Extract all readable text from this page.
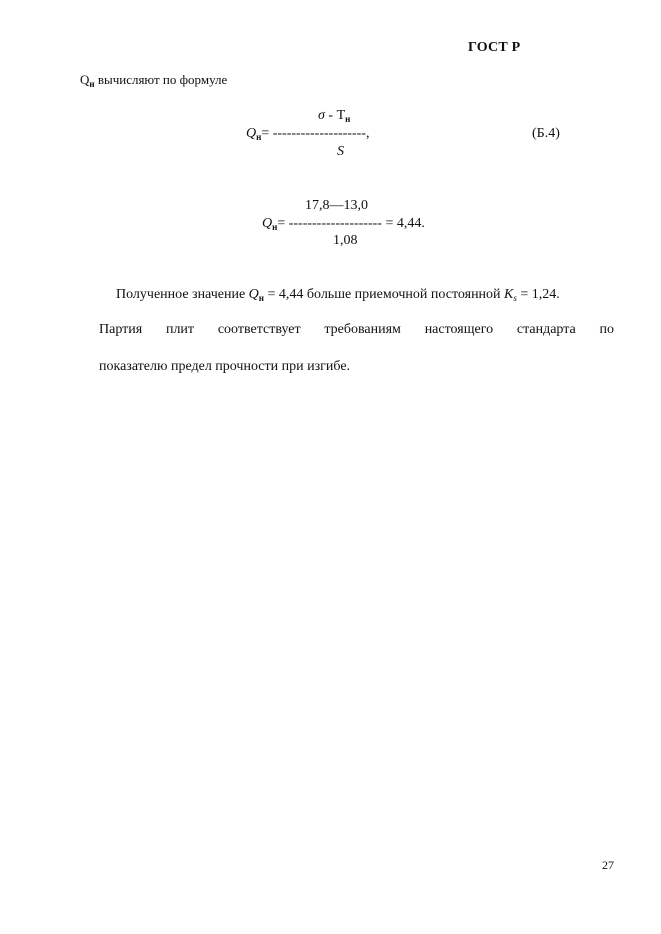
ГОСТ Р
$Q_н$ вычисляют по формуле
σ - $Т_н$
$Q_н=$ --------------------,
S
(Б.4)
17,8—13,0
$Q_н=$ -------------------- = 4,44.
1,08
Полученное значение $Q_н = 4,44$ больше приемочной постоянной $K_s = 1,24$.
Партия плит соответствует требованиям настоящего стандарта по
показателю предел прочности при изгибе.
27
